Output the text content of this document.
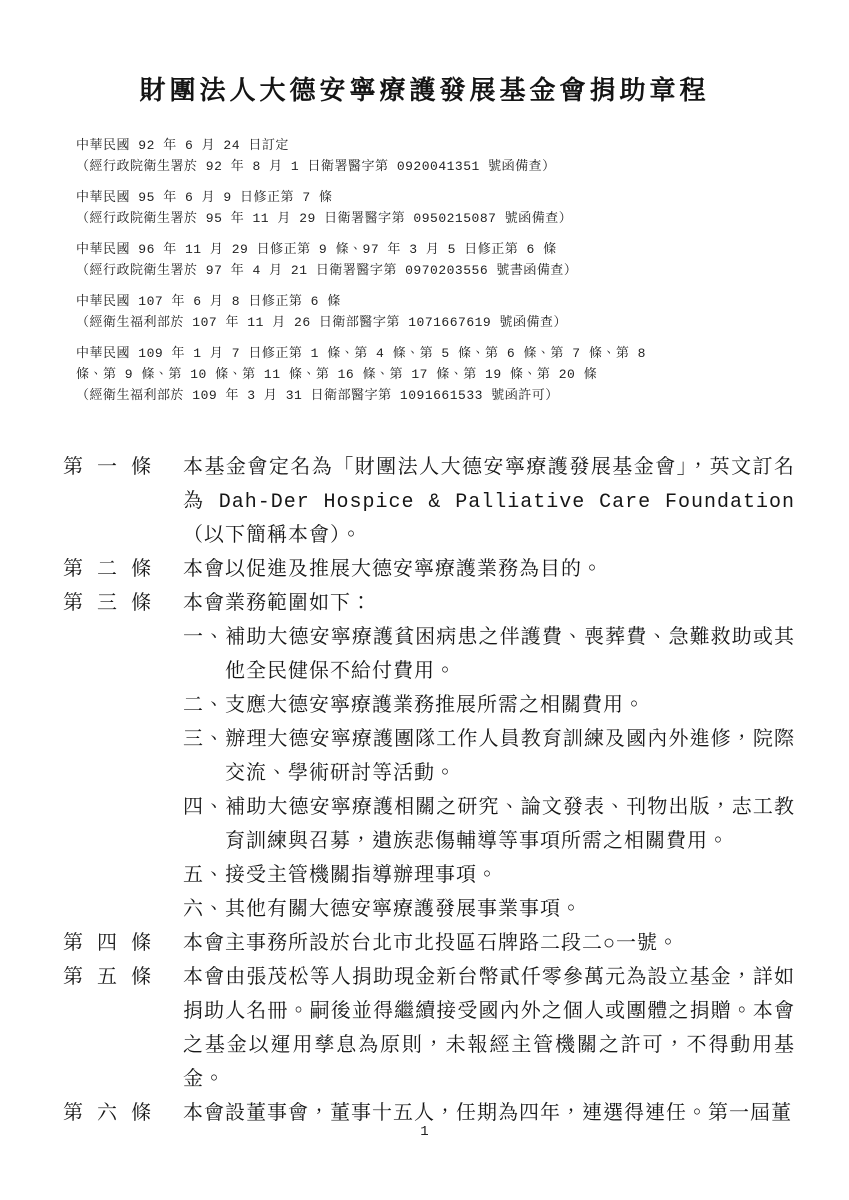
財團法人大德安寧療護發展基金會捐助章程
中華民國 92 年 6 月 24 日訂定
（經行政院衛生署於 92 年 8 月 1 日衛署醫字第 0920041351 號函備查）
中華民國 95 年 6 月 9 日修正第 7 條
（經行政院衛生署於 95 年 11 月 29 日衛署醫字第 0950215087 號函備查）
中華民國 96 年 11 月 29 日修正第 9 條、97 年 3 月 5 日修正第 6 條
（經行政院衛生署於 97 年 4 月 21 日衛署醫字第 0970203556 號書函備查）
中華民國 107 年 6 月 8 日修正第 6 條
（經衛生福利部於 107 年 11 月 26 日衛部醫字第 1071667619 號函備查）
中華民國 109 年 1 月 7 日修正第 1 條、第 4 條、第 5 條、第 6 條、第 7 條、第 8 條、第 9 條、第 10 條、第 11 條、第 16 條、第 17 條、第 19 條、第 20 條
（經衛生福利部於 109 年 3 月 31 日衛部醫字第 1091661533 號函許可）
第 一 條	本基金會定名為「財團法人大德安寧療護發展基金會」，英文訂名為 Dah-Der Hospice & Palliative Care Foundation（以下簡稱本會）。
第 二 條	本會以促進及推展大德安寧療護業務為目的。
第 三 條	本會業務範圍如下：
一、補助大德安寧療護貧困病患之伴護費、喪葬費、急難救助或其他全民健保不給付費用。
二、支應大德安寧療護業務推展所需之相關費用。
三、辦理大德安寧療護團隊工作人員教育訓練及國內外進修，院際交流、學術研討等活動。
四、補助大德安寧療護相關之研究、論文發表、刊物出版，志工教育訓練與召募，遺族悲傷輔導等事項所需之相關費用。
五、接受主管機關指導辦理事項。
六、其他有關大德安寧療護發展事業事項。
第 四 條	本會主事務所設於台北市北投區石牌路二段二○一號。
第 五 條	本會由張茂松等人捐助現金新台幣貳仟零參萬元為設立基金，詳如捐助人名冊。嗣後並得繼續接受國內外之個人或團體之捐贈。本會之基金以運用孳息為原則，未報經主管機關之許可，不得動用基金。
第 六 條	本會設董事會，董事十五人，任期為四年，連選得連任。第一屆董
1
